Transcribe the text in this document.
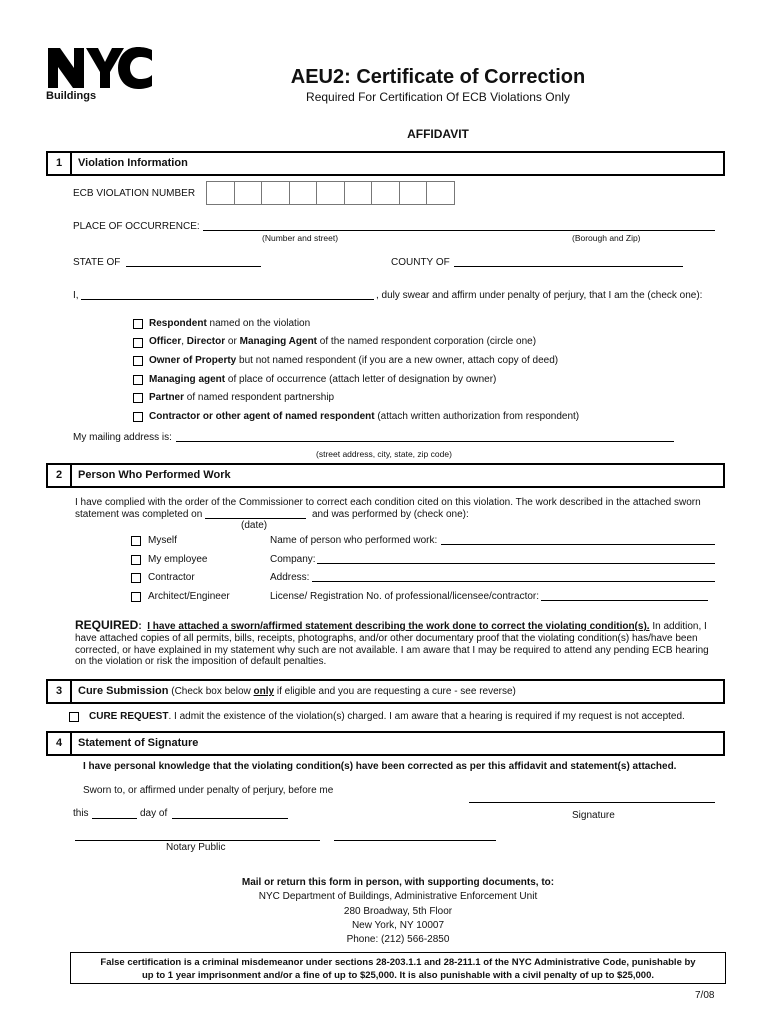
Buildings
AEU2: Certificate of Correction
Required For Certification Of ECB Violations Only
AFFIDAVIT
1	Violation Information
ECB VIOLATION NUMBER
PLACE OF OCCURRENCE:
(Number and street)	(Borough and Zip)
STATE OF	COUNTY OF
I,	, duly swear and affirm under penalty of perjury, that I am the (check one):
Respondent named on the violation
Officer, Director or Managing Agent of the named respondent corporation (circle one)
Owner of Property but not named respondent (if you are a new owner, attach copy of deed)
Managing agent of place of occurrence (attach letter of designation by owner)
Partner of named respondent partnership
Contractor or other agent of named respondent (attach written authorization from respondent)
My mailing address is:
(street address, city, state, zip code)
2	Person Who Performed Work
I have complied with the order of the Commissioner to correct each condition cited on this violation. The work described in the attached sworn
statement was completed on	and was performed by (check one):
(date)
Myself
My employee
Contractor
Architect/Engineer
Name of person who performed work:
Company:
Address:
License/ Registration No. of professional/licensee/contractor:
REQUIRED: I have attached a sworn/affirmed statement describing the work done to correct the violating condition(s). In addition, I
have attached copies of all permits, bills, receipts, photographs, and/or other documentary proof that the violating condition(s) has/have been
corrected, or have explained in my statement why such are not available. I am aware that I may be required to attend any pending ECB hearing
on the violation or risk the imposition of default penalties.
3	Cure Submission (Check box below only if eligible and you are requesting a cure - see reverse)
CURE REQUEST. I admit the existence of the violation(s) charged. I am aware that a hearing is required if my request is not accepted.
4	Statement of Signature
I have personal knowledge that the violating condition(s) have been corrected as per this affidavit and statement(s) attached.
Sworn to, or affirmed under penalty of perjury, before me
this	day of	Signature
Notary Public
Mail or return this form in person, with supporting documents, to:
NYC Department of Buildings, Administrative Enforcement Unit
280 Broadway, 5th Floor
New York, NY 10007
Phone: (212) 566-2850
False certification is a criminal misdemeanor under sections 28-203.1.1 and 28-211.1 of the NYC Administrative Code, punishable by
up to 1 year imprisonment and/or a fine of up to $25,000. It is also punishable with a civil penalty of up to $25,000.
7/08
